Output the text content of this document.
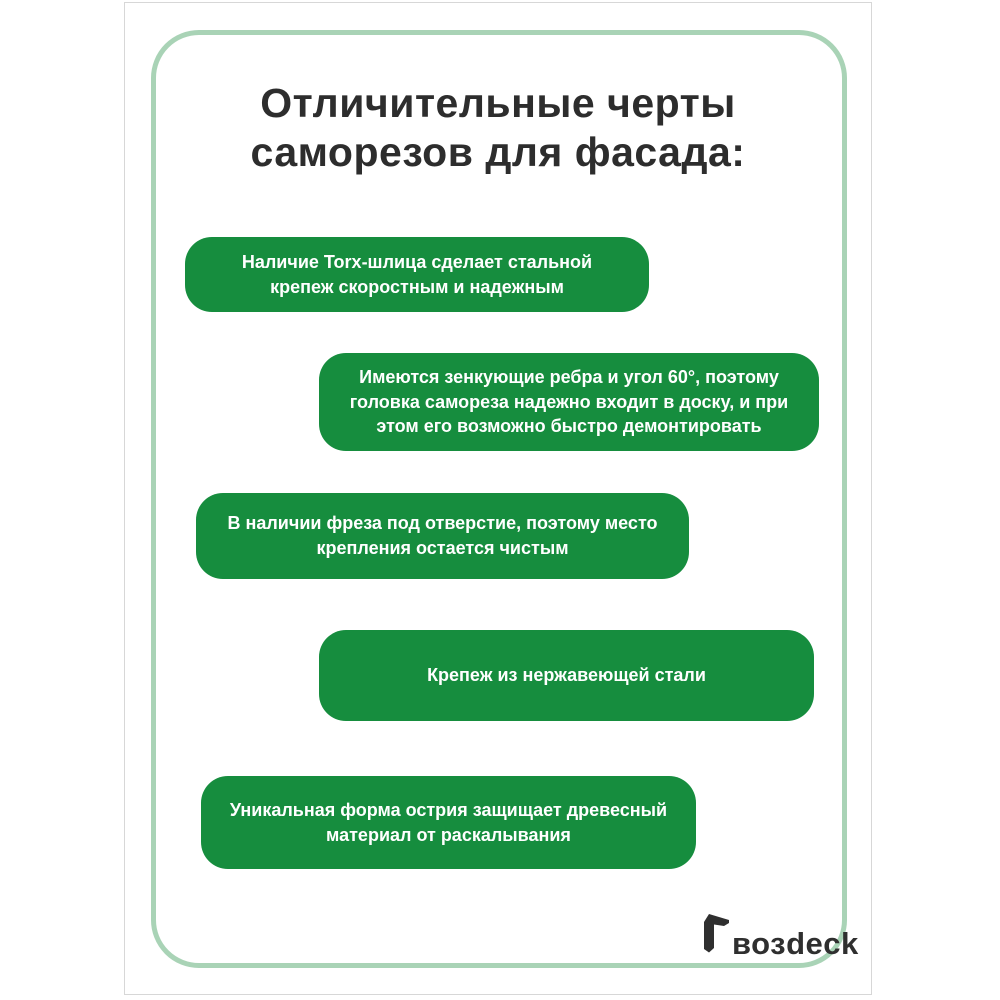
Отличительные черты
саморезов для фасада:
Наличие Torx-шлица сделает стальной крепеж скоростным и надежным
Имеются зенкующие ребра и угол 60°, поэтому головка самореза надежно входит в доску, и при этом его возможно быстро демонтировать
В наличии фреза под отверстие, поэтому место крепления остается чистым
Крепеж из нержавеющей стали
Уникальная форма острия защищает древесный материал от раскалывания
возdeck
